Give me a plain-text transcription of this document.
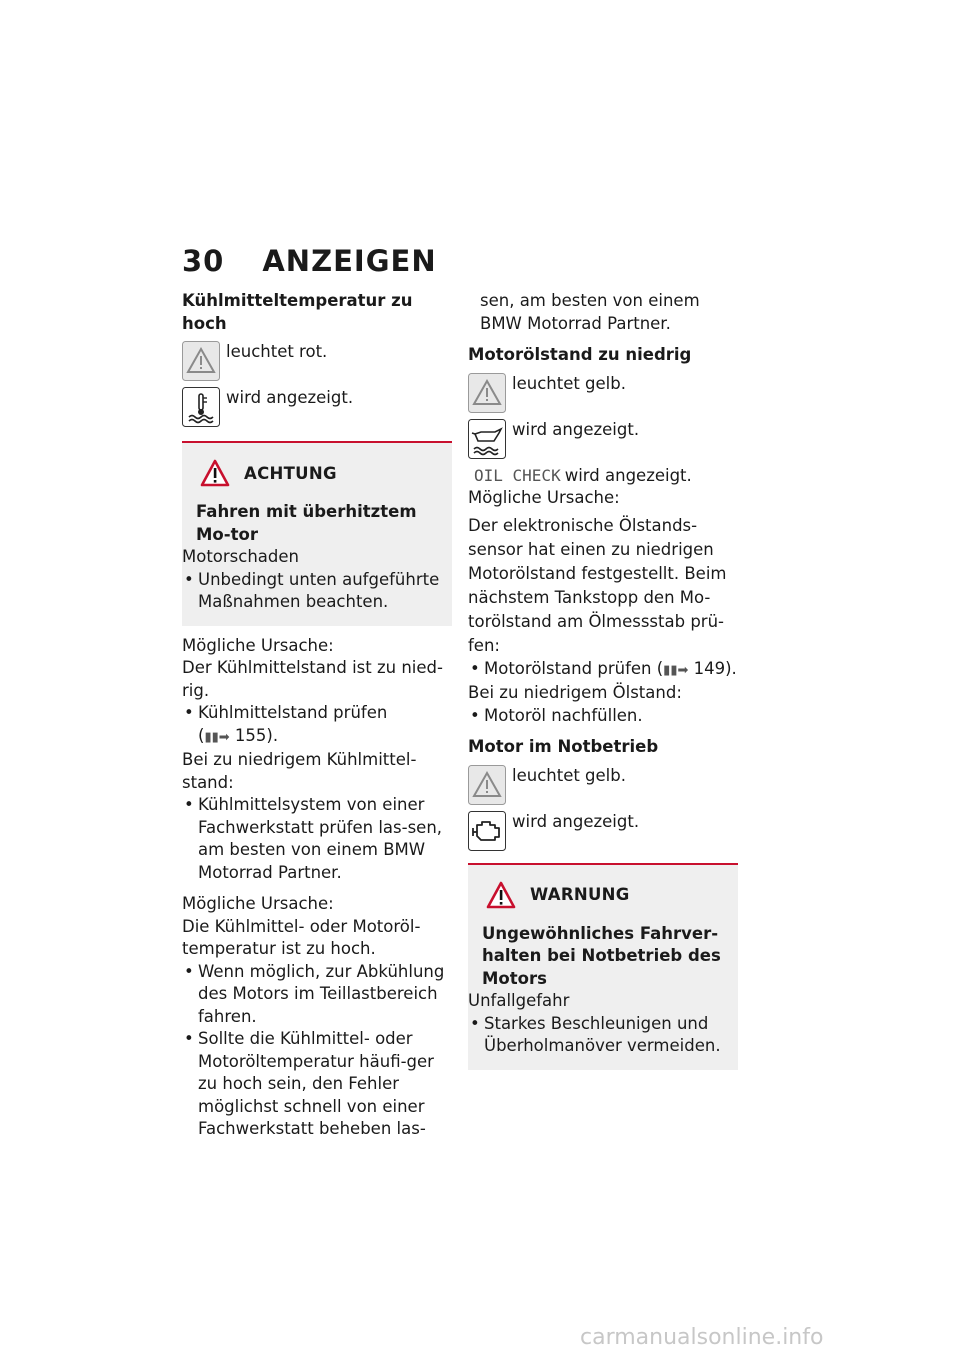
30 ANZEIGEN
Kühlmitteltemperatur zu hoch
leuchtet rot.
wird angezeigt.
ACHTUNG
Fahren mit überhitztem Mo-tor
Motorschaden
• Unbedingt unten aufgeführte Maßnahmen beachten.
Mögliche Ursache:
Der Kühlmittelstand ist zu nied-rig.
• Kühlmittelstand prüfen
(▮▮➡ 155).
Bei zu niedrigem Kühlmittel-stand:
• Kühlmittelsystem von einer Fachwerkstatt prüfen las-sen, am besten von einem BMW Motorrad Partner.
Mögliche Ursache:
Die Kühlmittel- oder Motoröl-temperatur ist zu hoch.
• Wenn möglich, zur Abkühlung des Motors im Teillastbereich fahren.
• Sollte die Kühlmittel- oder Motoröltemperatur häufi-ger zu hoch sein, den Fehler möglichst schnell von einer Fachwerkstatt beheben las-
sen, am besten von einem BMW Motorrad Partner.
Motorölstand zu niedrig
leuchtet gelb.
wird angezeigt.
OIL CHECK wird angezeigt.
Mögliche Ursache:
Der elektronische Ölstands-sensor hat einen zu niedrigen Motorölstand festgestellt. Beim nächstem Tankstopp den Mo-torölstand am Ölmessstab prü-fen:
• Motorölstand prüfen (▮▮➡ 149).
Bei zu niedrigem Ölstand:
• Motoröl nachfüllen.
Motor im Notbetrieb
leuchtet gelb.
wird angezeigt.
WARNUNG
Ungewöhnliches Fahrver-halten bei Notbetrieb des Motors
Unfallgefahr
• Starkes Beschleunigen und Überholmanöver vermeiden.
carmanualsonline.info
